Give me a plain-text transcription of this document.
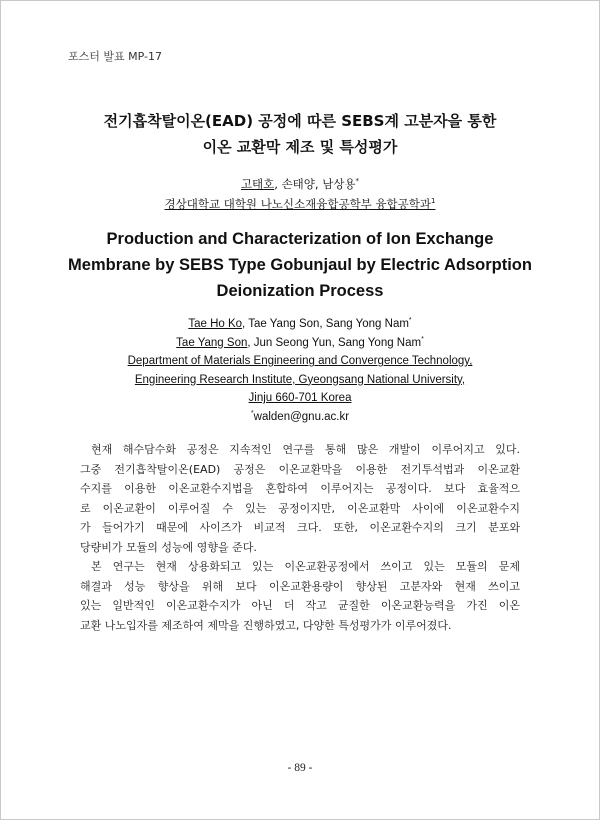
포스터 발표 MP-17
전기흡착탈이온(EAD) 공정에 따른 SEBS계 고분자을 통한
이온 교환막 제조 및 특성평가
고태호, 손태양, 남상용*
경상대학교 대학원 나노신소재융합공학부 융합공학과$^1$
Production and Characterization of Ion Exchange
Membrane by SEBS Type Gobunjaul by Electric Adsorption
Deionization Process
Tae Ho Ko, Tae Yang Son, Sang Yong Nam*
Tae Yang Son, Jun Seong Yun, Sang Yong Nam*
Department of Materials Engineering and Convergence Technology,
Engineering Research Institute, Gyeongsang National University,
Jinju 660-701 Korea
*walden@gnu.ac.kr
현재 해수담수화 공정은 지속적인 연구를 통해 많은 개발이 이루어지고 있다.
그중 전기흡착탈이온(EAD) 공정은 이온교환막을 이용한 전기투석법과 이온교환
수지를 이용한 이온교환수지법을 혼합하여 이루어지는 공정이다. 보다 효율적으
로 이온교환이 이루어질 수 있는 공정이지만, 이온교환막 사이에 이온교환수지
가 들어가기 때문에 사이즈가 비교적 크다. 또한, 이온교환수지의 크기 분포와
당량비가 모듈의 성능에 영향을 준다.
본 연구는 현재 상용화되고 있는 이온교환공정에서 쓰이고 있는 모듈의 문제
해결과 성능 향상을 위해 보다 이온교환용량이 향상된 고분자와 현재 쓰이고
있는 일반적인 이온교환수지가 아닌 더 작고 균질한 이온교환능력을 가진 이온
교환 나노입자를 제조하여 제막을 진행하였고, 다양한 특성평가가 이루어졌다.
- 89 -
